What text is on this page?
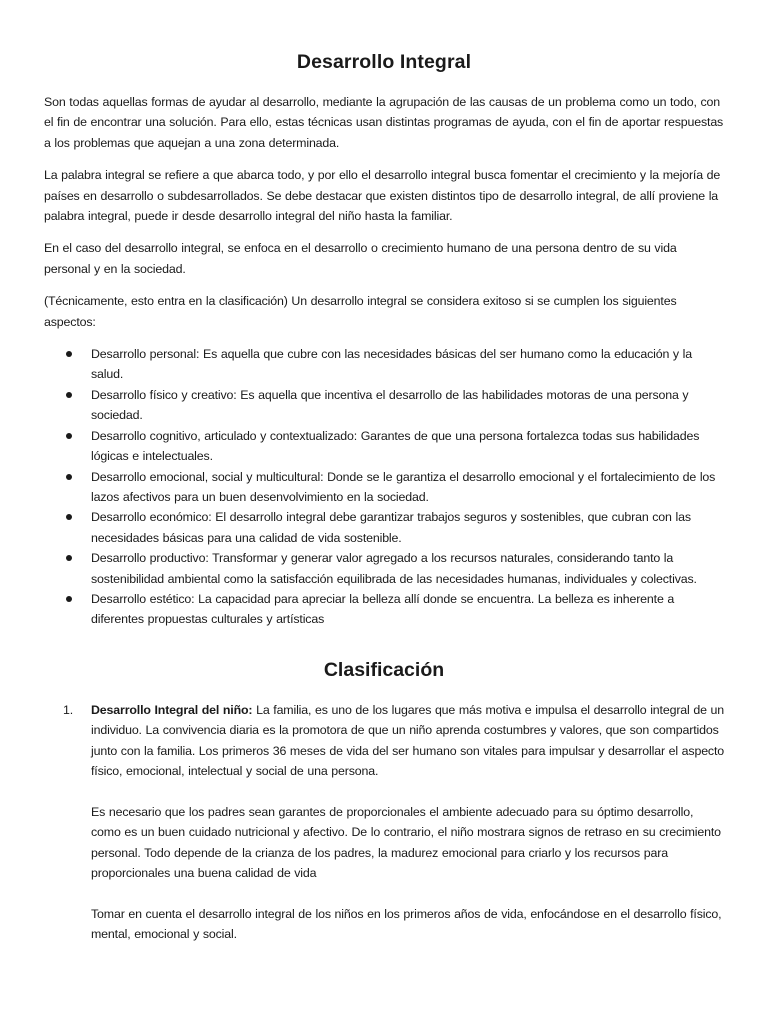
Desarrollo Integral

Son todas aquellas formas de ayudar al desarrollo, mediante la agrupación de las causas de un problema como un todo, con el fin de encontrar una solución. Para ello, estas técnicas usan distintas programas de ayuda, con el fin de aportar respuestas a los problemas que aquejan a una zona determinada.

La palabra integral se refiere a que abarca todo, y por ello el desarrollo integral busca fomentar el crecimiento y la mejoría de países en desarrollo o subdesarrollados. Se debe destacar que existen distintos tipo de desarrollo integral, de allí proviene la palabra integral, puede ir desde desarrollo integral del niño hasta la familiar.

En el caso del desarrollo integral, se enfoca en el desarrollo o crecimiento humano de una persona dentro de su vida personal y en la sociedad.

(Técnicamente, esto entra en la clasificación) Un desarrollo integral se considera exitoso si se cumplen los siguientes aspectos:

Desarrollo personal: Es aquella que cubre con las necesidades básicas del ser humano como la educación y la salud.
Desarrollo físico y creativo: Es aquella que incentiva el desarrollo de las habilidades motoras de una persona y sociedad.
Desarrollo cognitivo, articulado y contextualizado: Garantes de que una persona fortalezca todas sus habilidades lógicas e intelectuales.
Desarrollo emocional, social y multicultural: Donde se le garantiza el desarrollo emocional y el fortalecimiento de los lazos afectivos para un buen desenvolvimiento en la sociedad.
Desarrollo económico: El desarrollo integral debe garantizar trabajos seguros y sostenibles, que cubran con las necesidades básicas para una calidad de vida sostenible.
Desarrollo productivo: Transformar y generar valor agregado a los recursos naturales, considerando tanto la sostenibilidad ambiental como la satisfacción equilibrada de las necesidades humanas, individuales y colectivas.
Desarrollo estético: La capacidad para apreciar la belleza allí donde se encuentra. La belleza es inherente a diferentes propuestas culturales y artísticas
Clasificación
1. Desarrollo Integral del niño: La familia, es uno de los lugares que más motiva e impulsa el desarrollo integral de un individuo. La convivencia diaria es la promotora de que un niño aprenda costumbres y valores, que son compartidos junto con la familia. Los primeros 36 meses de vida del ser humano son vitales para impulsar y desarrollar el aspecto físico, emocional, intelectual y social de una persona.
Es necesario que los padres sean garantes de proporcionales el ambiente adecuado para su óptimo desarrollo, como es un buen cuidado nutricional y afectivo. De lo contrario, el niño mostrara signos de retraso en su crecimiento personal. Todo depende de la crianza de los padres, la madurez emocional para criarlo y los recursos para proporcionales una buena calidad de vida
Tomar en cuenta el desarrollo integral de los niños en los primeros años de vida, enfocándose en el desarrollo físico, mental, emocional y social.
